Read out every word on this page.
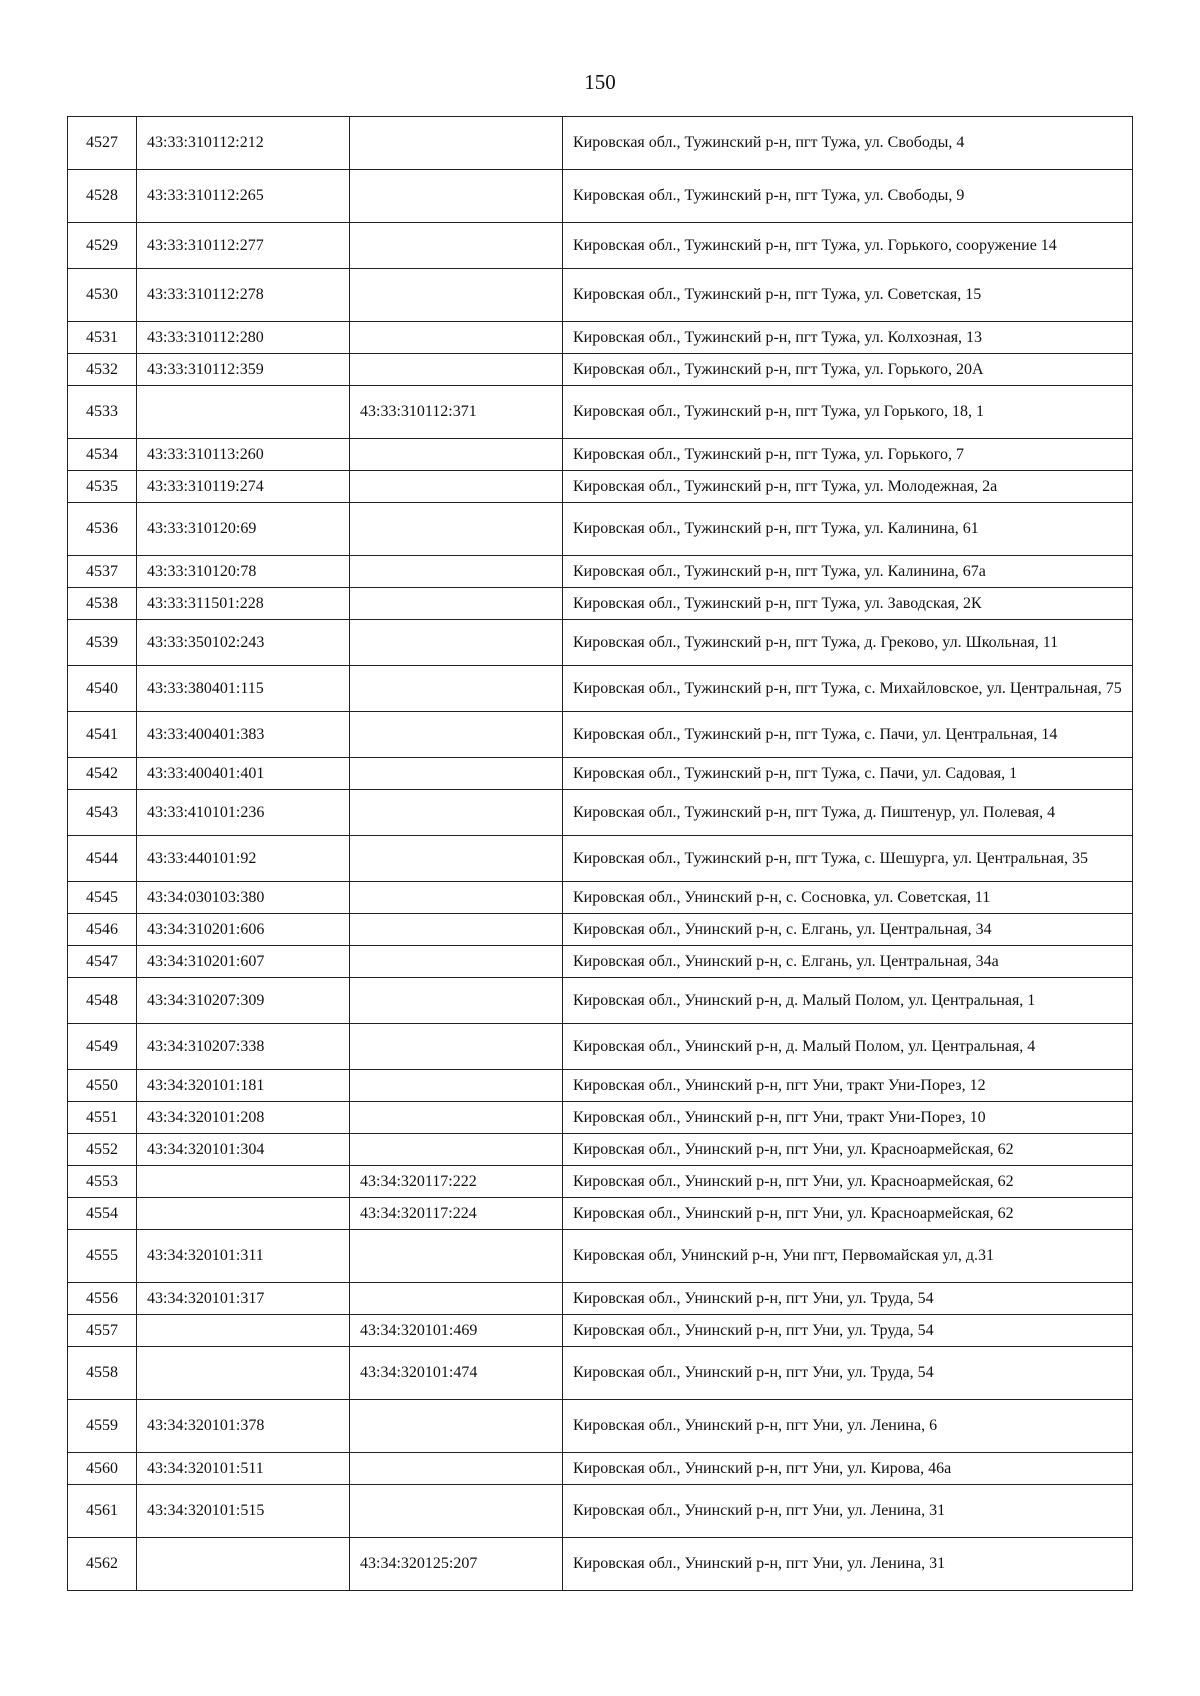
150
4527	43:33:310112:212		Кировская обл., Тужинский р-н, пгт Тужа, ул. Свободы, 4
4528	43:33:310112:265		Кировская обл., Тужинский р-н, пгт Тужа, ул. Свободы, 9
4529	43:33:310112:277		Кировская обл., Тужинский р-н, пгт Тужа, ул. Горького, сооружение 14
4530	43:33:310112:278		Кировская обл., Тужинский р-н, пгт Тужа, ул. Советская, 15
4531	43:33:310112:280		Кировская обл., Тужинский р-н, пгт Тужа, ул. Колхозная, 13
4532	43:33:310112:359		Кировская обл., Тужинский р-н, пгт Тужа, ул. Горького, 20А
4533		43:33:310112:371	Кировская обл., Тужинский р-н, пгт Тужа, ул Горького, 18, 1
4534	43:33:310113:260		Кировская обл., Тужинский р-н, пгт Тужа, ул. Горького, 7
4535	43:33:310119:274		Кировская обл., Тужинский р-н, пгт Тужа, ул. Молодежная, 2а
4536	43:33:310120:69		Кировская обл., Тужинский р-н, пгт Тужа, ул. Калинина, 61
4537	43:33:310120:78		Кировская обл., Тужинский р-н, пгт Тужа, ул. Калинина, 67а
4538	43:33:311501:228		Кировская обл., Тужинский р-н, пгт Тужа, ул. Заводская, 2К
4539	43:33:350102:243		Кировская обл., Тужинский р-н, пгт Тужа, д. Греково, ул. Школьная, 11
4540	43:33:380401:115		Кировская обл., Тужинский р-н, пгт Тужа, с. Михайловское, ул. Центральная, 75
4541	43:33:400401:383		Кировская обл., Тужинский р-н, пгт Тужа, с. Пачи, ул. Центральная, 14
4542	43:33:400401:401		Кировская обл., Тужинский р-н, пгт Тужа, с. Пачи, ул. Садовая, 1
4543	43:33:410101:236		Кировская обл., Тужинский р-н, пгт Тужа, д. Пиштенур, ул. Полевая, 4
4544	43:33:440101:92		Кировская обл., Тужинский р-н, пгт Тужа, с. Шешурга, ул. Центральная, 35
4545	43:34:030103:380		Кировская обл., Унинский р-н, с. Сосновка, ул. Советская, 11
4546	43:34:310201:606		Кировская обл., Унинский р-н, с. Елгань, ул. Центральная, 34
4547	43:34:310201:607		Кировская обл., Унинский р-н, с. Елгань, ул. Центральная, 34а
4548	43:34:310207:309		Кировская обл., Унинский р-н, д. Малый Полом, ул. Центральная, 1
4549	43:34:310207:338		Кировская обл., Унинский р-н, д. Малый Полом, ул. Центральная, 4
4550	43:34:320101:181		Кировская обл., Унинский р-н, пгт Уни, тракт Уни-Порез, 12
4551	43:34:320101:208		Кировская обл., Унинский р-н, пгт Уни, тракт Уни-Порез, 10
4552	43:34:320101:304		Кировская обл., Унинский р-н, пгт Уни, ул. Красноармейская, 62
4553		43:34:320117:222	Кировская обл., Унинский р-н, пгт Уни, ул. Красноармейская, 62
4554		43:34:320117:224	Кировская обл., Унинский р-н, пгт Уни, ул. Красноармейская, 62
4555	43:34:320101:311		Кировская обл, Унинский р-н, Уни пгт, Первомайская ул, д.31
4556	43:34:320101:317		Кировская обл., Унинский р-н, пгт Уни, ул. Труда, 54
4557		43:34:320101:469	Кировская обл., Унинский р-н, пгт Уни, ул. Труда, 54
4558		43:34:320101:474	Кировская обл., Унинский р-н, пгт Уни, ул. Труда, 54
4559	43:34:320101:378		Кировская обл., Унинский р-н, пгт Уни, ул. Ленина, 6
4560	43:34:320101:511		Кировская обл., Унинский р-н, пгт Уни, ул. Кирова, 46а
4561	43:34:320101:515		Кировская обл., Унинский р-н, пгт Уни, ул. Ленина, 31
4562		43:34:320125:207	Кировская обл., Унинский р-н, пгт Уни, ул. Ленина, 31
